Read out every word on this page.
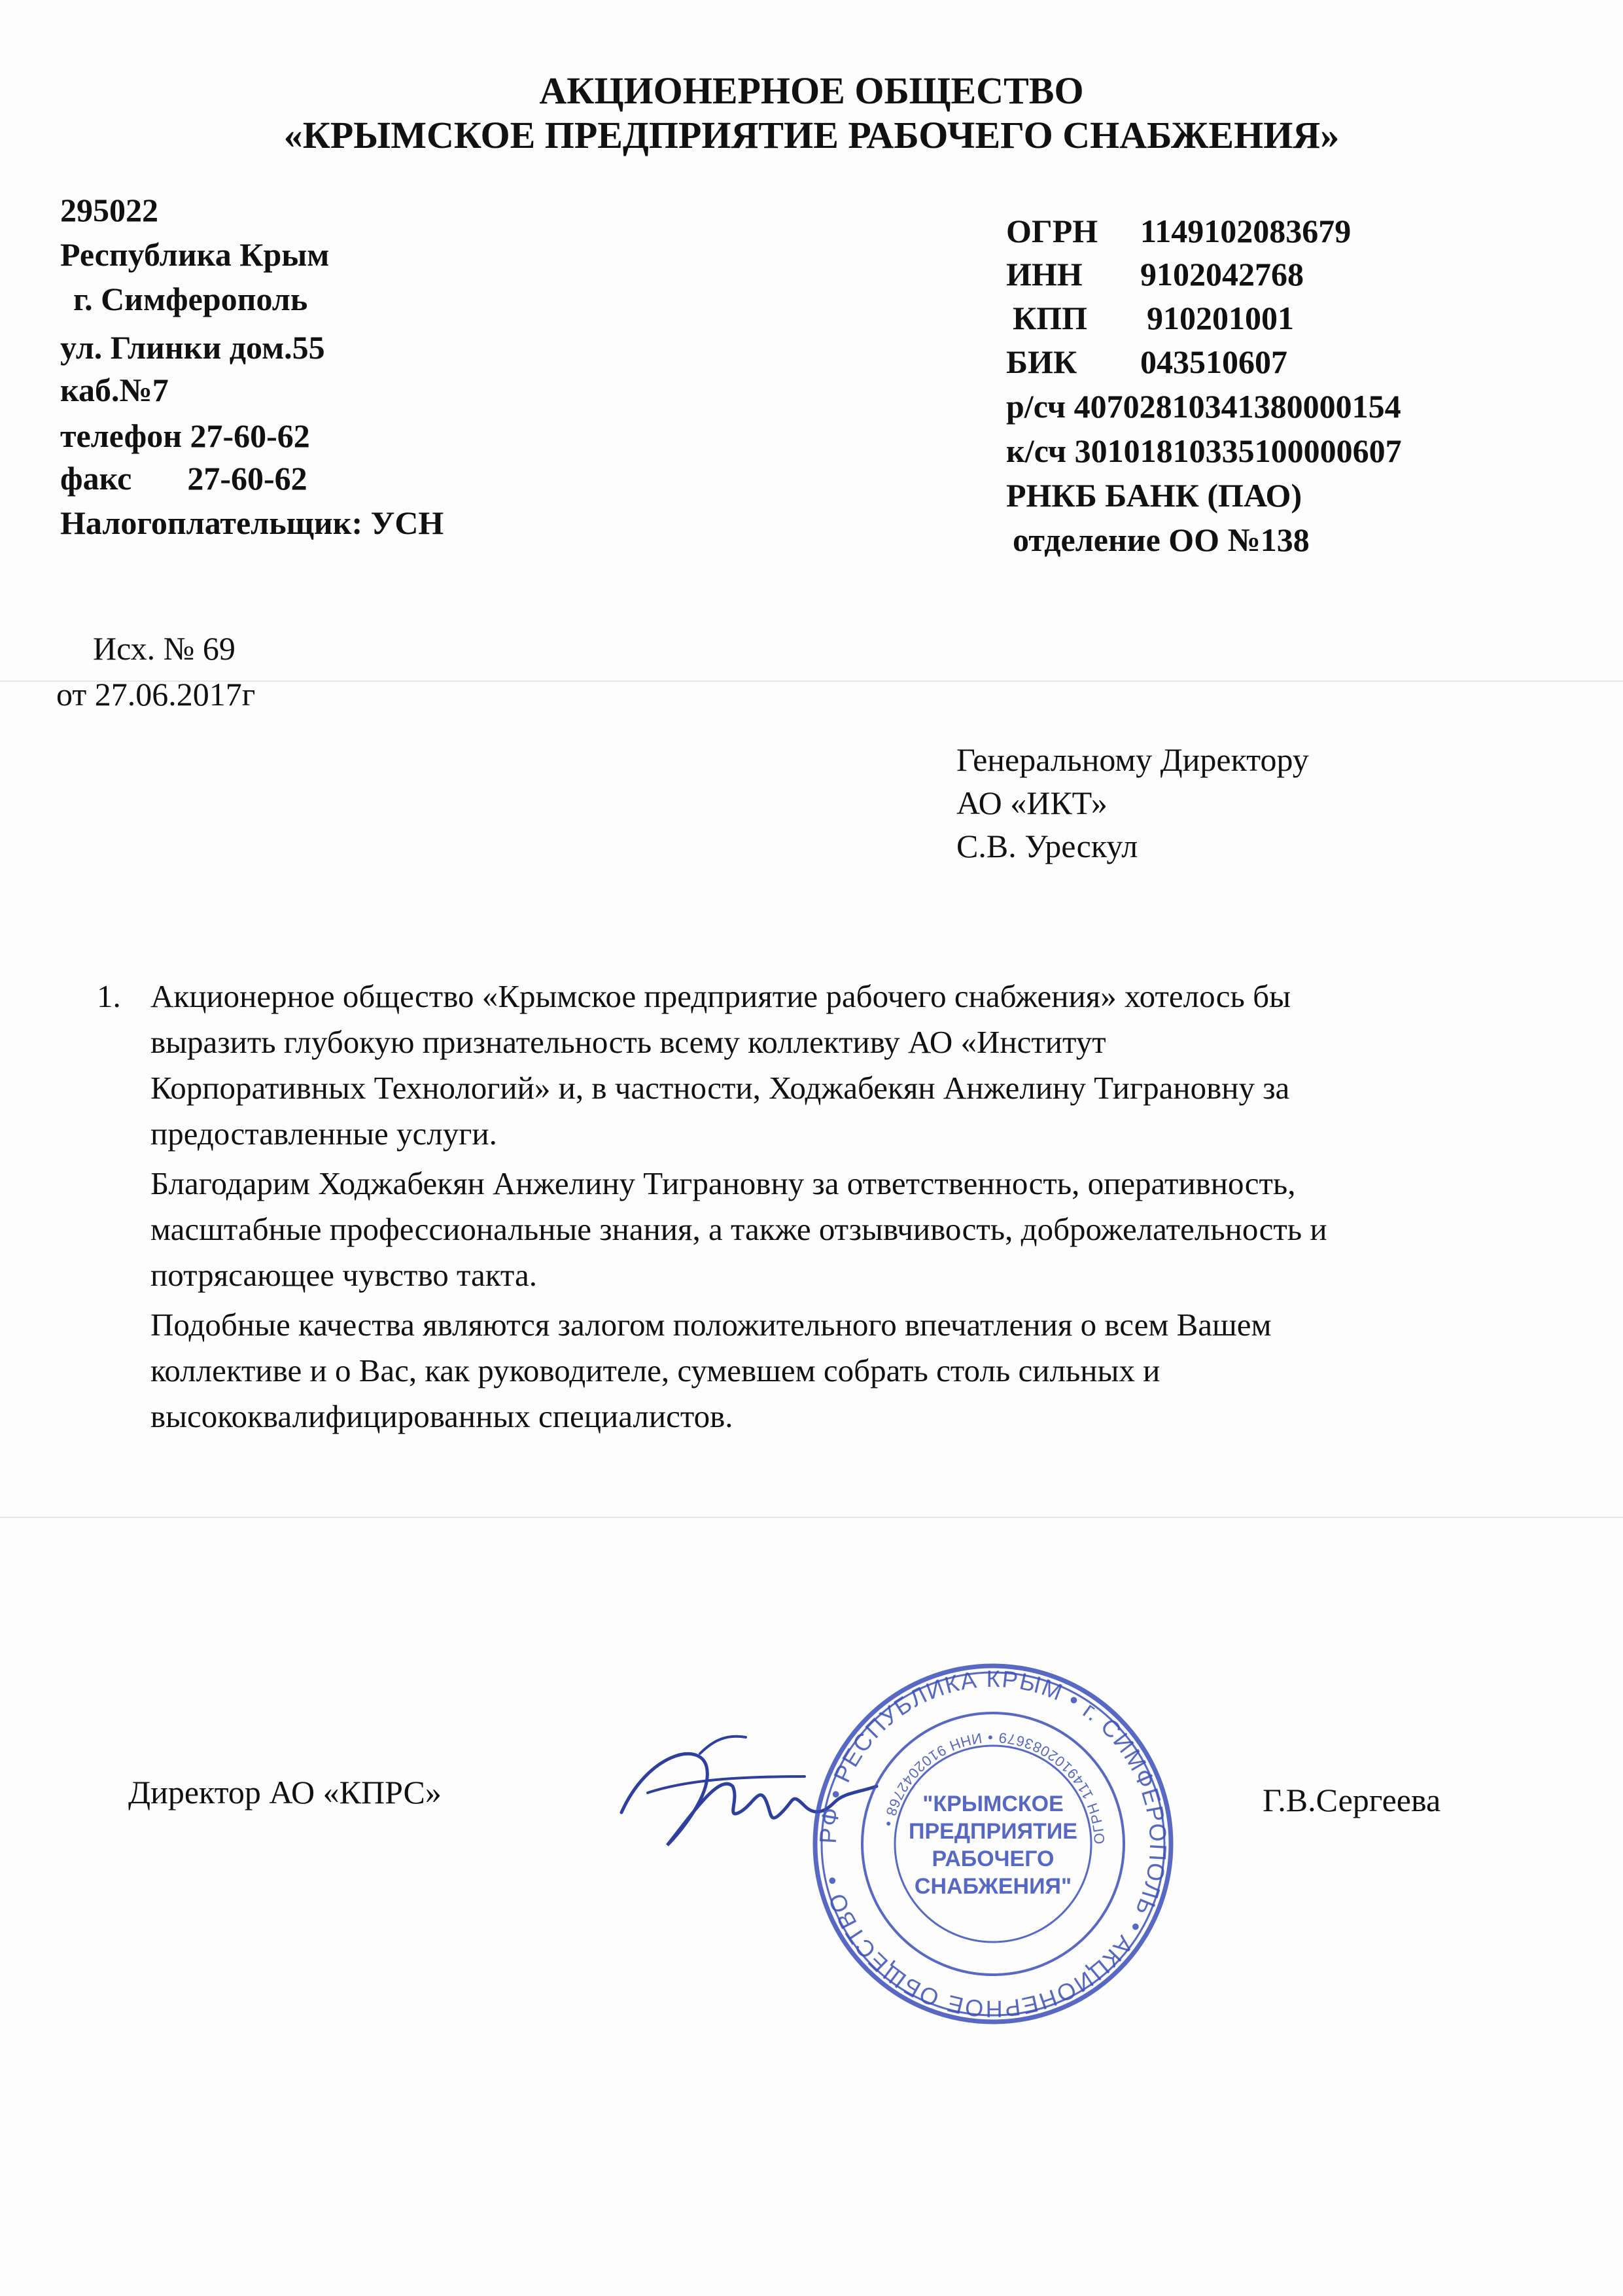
АКЦИОНЕРНОЕ ОБЩЕСТВО
«КРЫМСКОЕ ПРЕДПРИЯТИЕ РАБОЧЕГО СНАБЖЕНИЯ»
295022
Республика Крым
г. Симферополь
ул. Глинки дом.55
каб.№7
телефон 27-60-62
факс 27-60-62
Налогоплательщик: УСН
ОГРН 1149102083679
ИНН 9102042768
КПП 910201001
БИК 043510607
р/сч 40702810341380000154
к/сч 30101810335100000607
РНКБ БАНК (ПАО)
отделение ОО №138
Исх. № 69
от 27.06.2017г
Генеральному Директору
АО «ИКТ»
С.В. Урескул
1. Акционерное общество «Крымское предприятие рабочего снабжения» хотелось бы
выразить глубокую признательность всему коллективу АО «Институт
Корпоративных Технологий» и, в частности, Ходжабекян Анжелину Тиграновну за
предоставленные услуги.
Благодарим Ходжабекян Анжелину Тиграновну за ответственность, оперативность,
масштабные профессиональные знания, а также отзывчивость, доброжелательность и
потрясающее чувство такта.
Подобные качества являются залогом положительного впечатления о всем Вашем
коллективе и о Вас, как руководителе, сумевшем собрать столь сильных и
высококвалифицированных специалистов.
Директор АО «КПРС»	Г.В.Сергеева
РФ • РЕСПУБЛИКА КРЫМ • г. СИМФЕРОПОЛЬ • АКЦИОНЕРНОЕ ОБЩЕСТВО •
ОГРН 1149102083679 • ИНН 9102042768 •
"КРЫМСКОЕ
ПРЕДПРИЯТИЕ
РАБОЧЕГО
СНАБЖЕНИЯ"
